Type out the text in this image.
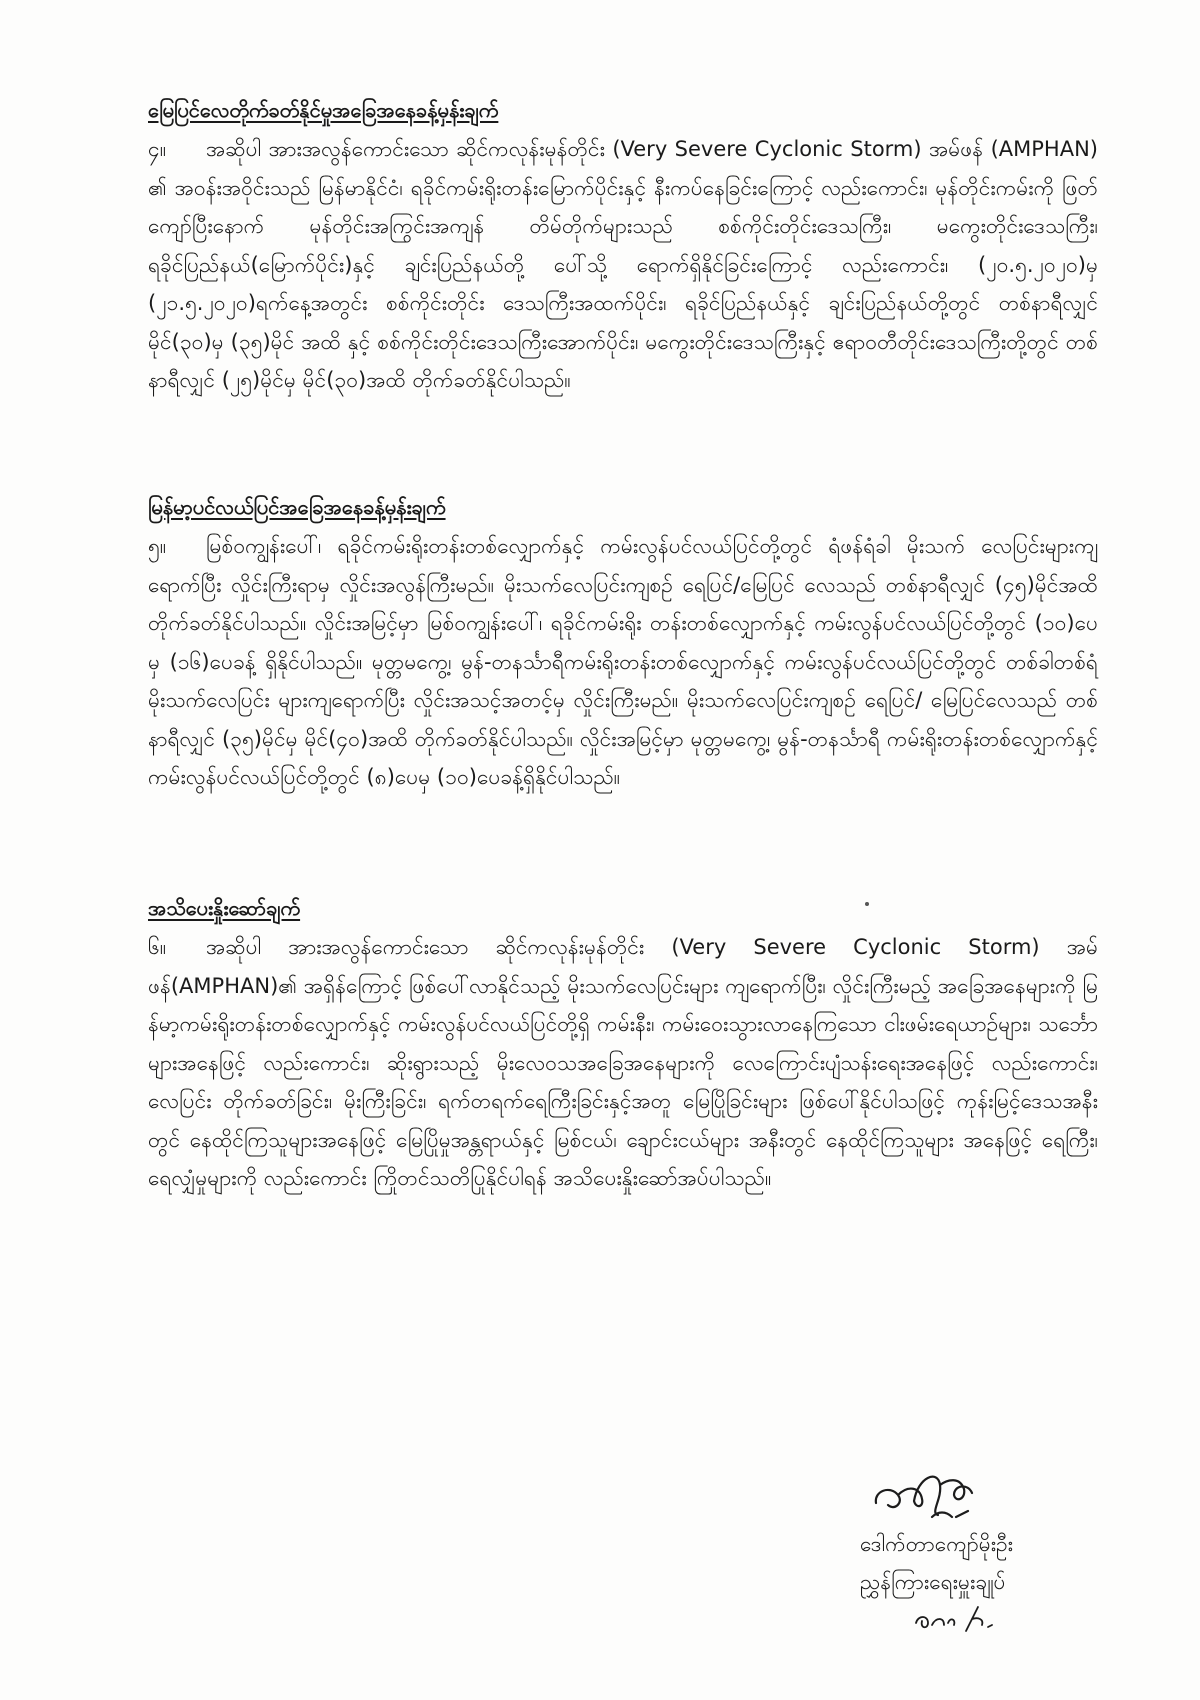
မြေပြင်လေတိုက်ခတ်နိုင်မှုအခြေအနေခန့်မှန်းချက်

၄။ အဆိုပါ အားအလွန်ကောင်းသော ဆိုင်ကလုန်းမုန်တိုင်း (Very Severe Cyclonic Storm) အမ်ဖန် (AMPHAN) ၏ အဝန်းအဝိုင်းသည် မြန်မာနိုင်ငံ၊ ရခိုင်ကမ်းရိုးတန်းမြောက်ပိုင်းနှင့် နီးကပ်နေခြင်းကြောင့် လည်းကောင်း၊ မုန်တိုင်းကမ်းကို ဖြတ်ကျော်ပြီးနောက် မုန်တိုင်းအကြွင်းအကျန် တိမ်တိုက်များသည် စစ်ကိုင်းတိုင်းဒေသကြီး၊ မကွေးတိုင်းဒေသကြီး၊ ရခိုင်ပြည်နယ်(မြောက်ပိုင်း)နှင့် ချင်းပြည်နယ်တို့ ပေါ်သို့ ရောက်ရှိနိုင်ခြင်းကြောင့် လည်းကောင်း၊ (၂၀.၅.၂၀၂၀)မှ (၂၁.၅.၂၀၂၀)ရက်နေ့အတွင်း စစ်ကိုင်းတိုင်း ဒေသကြီးအထက်ပိုင်း၊ ရခိုင်ပြည်နယ်နှင့် ချင်းပြည်နယ်တို့တွင် တစ်နာရီလျှင် မိုင်(၃၀)မှ (၃၅)မိုင် အထိ နှင့် စစ်ကိုင်းတိုင်းဒေသကြီးအောက်ပိုင်း၊ မကွေးတိုင်းဒေသကြီးနှင့် ဧရာဝတီတိုင်းဒေသကြီးတို့တွင် တစ်နာရီလျှင် (၂၅)မိုင်မှ မိုင်(၃၀)အထိ တိုက်ခတ်နိုင်ပါသည်။

မြန်မာ့ပင်လယ်ပြင်အခြေအနေခန့်မှန်းချက်

၅။ မြစ်ဝကျွန်းပေါ်၊ ရခိုင်ကမ်းရိုးတန်းတစ်လျှောက်နှင့် ကမ်းလွန်ပင်လယ်ပြင်တို့တွင် ရံဖန်ရံခါ မိုးသက် လေပြင်းများကျရောက်ပြီး လှိုင်းကြီးရာမှ လှိုင်းအလွန်ကြီးမည်။ မိုးသက်လေပြင်းကျစဉ် ရေပြင်/မြေပြင် လေသည် တစ်နာရီလျှင် (၄၅)မိုင်အထိ တိုက်ခတ်နိုင်ပါသည်။ လှိုင်းအမြင့်မှာ မြစ်ဝကျွန်းပေါ်၊ ရခိုင်ကမ်းရိုး တန်းတစ်လျှောက်နှင့် ကမ်းလွန်ပင်လယ်ပြင်တို့တွင် (၁၀)ပေမှ (၁၆)ပေခန့် ရှိနိုင်ပါသည်။ မုတ္တမကွေ့၊ မွန်-တနင်္သာရီကမ်းရိုးတန်းတစ်လျှောက်နှင့် ကမ်းလွန်ပင်လယ်ပြင်တို့တွင် တစ်ခါတစ်ရံ မိုးသက်လေပြင်း များကျရောက်ပြီး လှိုင်းအသင့်အတင့်မှ လှိုင်းကြီးမည်။ မိုးသက်လေပြင်းကျစဉ် ရေပြင်/ မြေပြင်လေသည် တစ်နာရီလျှင် (၃၅)မိုင်မှ မိုင်(၄၀)အထိ တိုက်ခတ်နိုင်ပါသည်။ လှိုင်းအမြင့်မှာ မုတ္တမကွေ့၊ မွန်-တနင်္သာရီ ကမ်းရိုးတန်းတစ်လျှောက်နှင့် ကမ်းလွန်ပင်လယ်ပြင်တို့တွင် (၈)ပေမှ (၁၀)ပေခန့်ရှိနိုင်ပါသည်။

အသိပေးနှိုးဆော်ချက်

၆။ အဆိုပါ အားအလွန်ကောင်းသော ဆိုင်ကလုန်းမုန်တိုင်း (Very Severe Cyclonic Storm) အမ်ဖန်(AMPHAN)၏ အရှိန်ကြောင့် ဖြစ်ပေါ်လာနိုင်သည့် မိုးသက်လေပြင်းများ ကျရောက်ပြီး၊ လှိုင်းကြီးမည့် အခြေအနေများကို မြန်မာ့ကမ်းရိုးတန်းတစ်လျှောက်နှင့် ကမ်းလွန်ပင်လယ်ပြင်တို့ရှိ ကမ်းနီး၊ ကမ်းဝေးသွားလာနေကြသော ငါးဖမ်းရေယာဉ်များ၊ သင်္ဘောများအနေဖြင့် လည်းကောင်း၊ ဆိုးရွားသည့် မိုးလေဝသအခြေအနေများကို လေကြောင်းပျံသန်းရေးအနေဖြင့် လည်းကောင်း၊ လေပြင်း တိုက်ခတ်ခြင်း၊ မိုးကြီးခြင်း၊ ရက်တရက်ရေကြီးခြင်းနှင့်အတူ မြေပြိုခြင်းများ ဖြစ်ပေါ်နိုင်ပါသဖြင့် ကုန်းမြင့်ဒေသအနီးတွင် နေထိုင်ကြသူများအနေဖြင့် မြေပြိုမှုအန္တရာယ်နှင့် မြစ်ငယ်၊ ချောင်းငယ်များ အနီးတွင် နေထိုင်ကြသူများ အနေဖြင့် ရေကြီး၊ ရေလျှံမှုများကို လည်းကောင်း ကြိုတင်သတိပြုနိုင်ပါရန် အသိပေးနှိုးဆော်အပ်ပါသည်။

ဒေါက်တာကျော်မိုးဦး

ညွှန်ကြားရေးမှူးချုပ်
